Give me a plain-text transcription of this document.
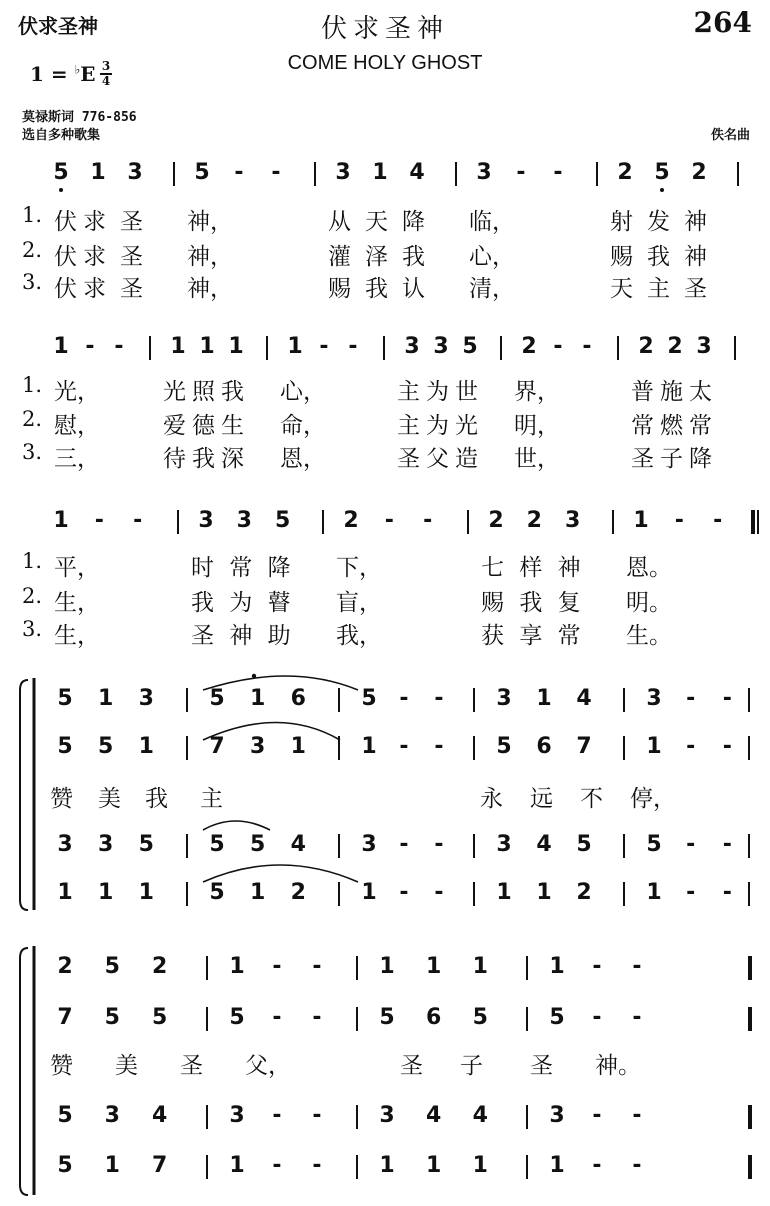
伏求圣神	伏求圣神	264
COME HOLY GHOST
1 = ♭E 3
4
莫禄斯词 776-856
选自多种歌集	佚名曲
5 1 3	5	-	-	3 1 4	3	-	-	2 5 2
1. 伏 求 圣 神，	从 天 降 临，	射 发 神
2. 伏 求 圣 神，	灌 泽 我 心，	赐 我 神
3. 伏 求 圣 神，	赐 我 认 清，	天 主 圣
1 - -	1 1 1	1 - -	3 3 5	2 - -	2 2 3
1. 光，	光 照 我 心，	主 为 世 界，	普 施 太
2. 慰，	爱 德 生 命，	主 为 光 明，	常 燃 常
3. 三，	待 我 深 恩，	圣 父 造 世，	圣 子 降
1	-	-	3	3	5	2	-	-	2	2	3	1	-	-
1. 平，	时 常 降 下，	七 样 神 恩。
2. 生，	我 为 瞽 盲，	赐 我 复 明。
3. 生，	圣 神 助 我，	获 享 常 生。
5	1	3	5	1	6	5	-	-	3	1	4	3	-	-
5	5	1	7	3	1	1	-	-	5	6	7	1	-	-
3	3	5	5	5	4	3	-	-	3	4	5	5	-	-
1	1	1	5	1	2	1	-	-	1	1	2	1	-	-
赞 美 我 主	永 远 不 停，
2	5	2	1	-	-	1	1	1	1	-	-
7	5	5	5	-	-	5	6	5	5	-	-
5	3	4	3	-	-	3	4	4	3	-	-
5	1	7	1	-	-	1	1	1	1	-	-
赞 美 圣 父，	圣 子 圣 神。
